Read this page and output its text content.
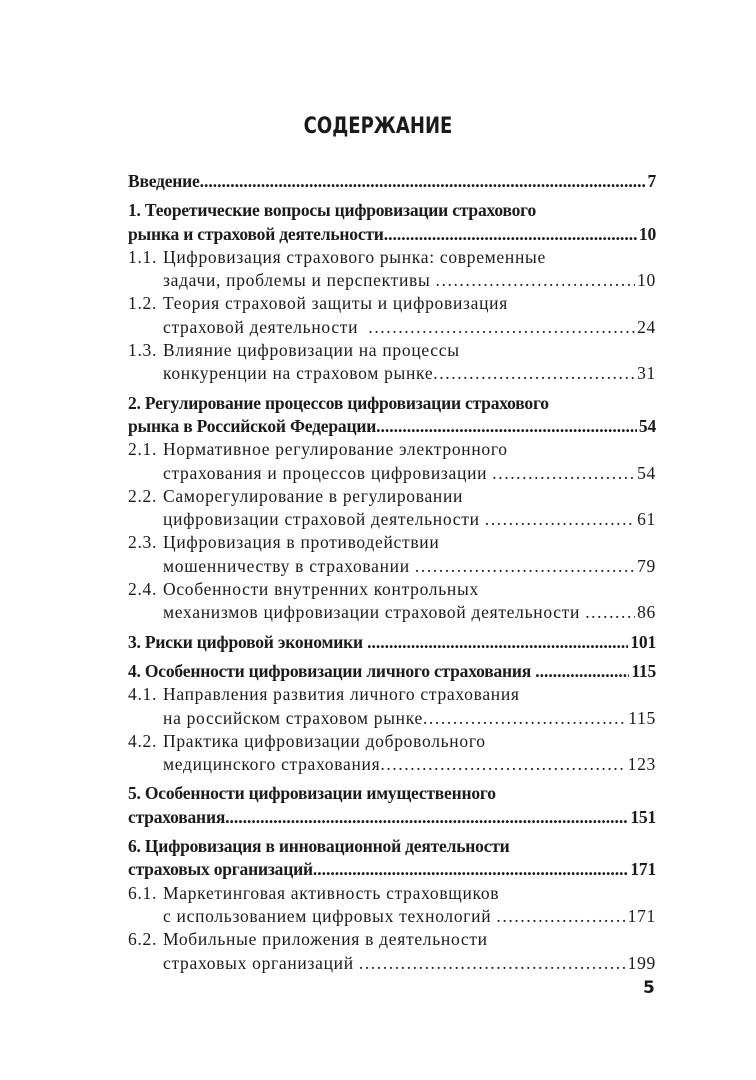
СОДЕРЖАНИЕ
Введение .....	7
1. Теоретические вопросы цифровизации страхового
рынка и страховой деятельности .....	10
1.1. Цифровизация страхового рынка: современные
задачи, проблемы и перспективы .....	10
1.2. Теория страховой защиты и цифровизация
страховой деятельности .....	24
1.3. Влияние цифровизации на процессы
конкуренции на страховом рынке .....	31
2. Регулирование процессов цифровизации страхового
рынка в Российской Федерации .....	54
2.1. Нормативное регулирование электронного
страхования и процессов цифровизации .....	54
2.2. Саморегулирование в регулировании
цифровизации страховой деятельности .....	61
2.3. Цифровизация в противодействии
мошенничеству в страховании .....	79
2.4. Особенности внутренних контрольных
механизмов цифровизации страховой деятельности .....	86
3. Риски цифровой экономики .....	101
4. Особенности цифровизации личного страхования .....	115
4.1. Направления развития личного страхования
на российском страховом рынке .....	115
4.2. Практика цифровизации добровольного
медицинского страхования .....	123
5. Особенности цифровизации имущественного
страхования .....	151
6. Цифровизация в инновационной деятельности
страховых организаций .....	171
6.1. Маркетинговая активность страховщиков
с использованием цифровых технологий .....	171
6.2. Мобильные приложения в деятельности
страховых организаций .....	199
5
